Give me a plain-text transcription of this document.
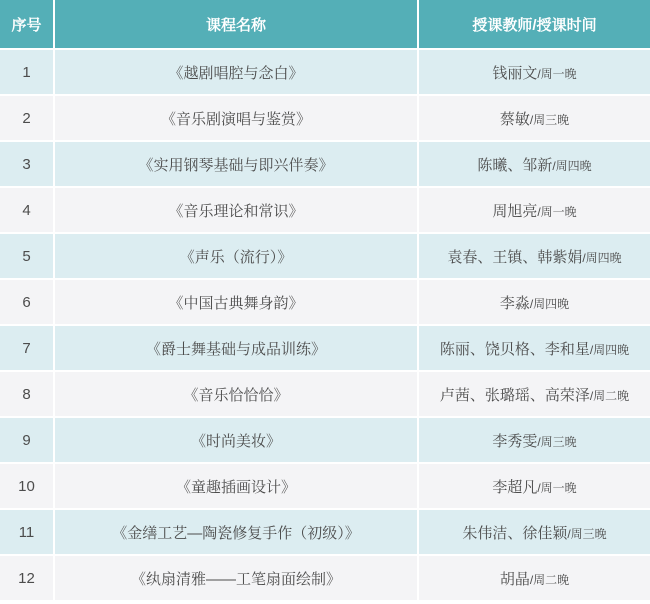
序号	课程名称	授课教师/授课时间
1	《越剧唱腔与念白》	钱丽文/周一晚
2	《音乐剧演唱与鉴赏》	蔡敏/周三晚
3	《实用钢琴基础与即兴伴奏》	陈曦、邹新/周四晚
4	《音乐理论和常识》	周旭亮/周一晚
5	《声乐（流行）》	袁春、王镇、韩紫娟/周四晚
6	《中国古典舞身韵》	李淼/周四晚
7	《爵士舞基础与成品训练》	陈丽、饶贝格、李和星/周四晚
8	《音乐恰恰恰》	卢茜、张璐瑶、高荣泽/周二晚
9	《时尚美妆》	李秀雯/周三晚
10	《童趣插画设计》	李超凡/周一晚
11	《金缮工艺—陶瓷修复手作（初级）》	朱伟洁、徐佳颖/周三晚
12	《纨扇清雅——工笔扇面绘制》	胡晶/周二晚
